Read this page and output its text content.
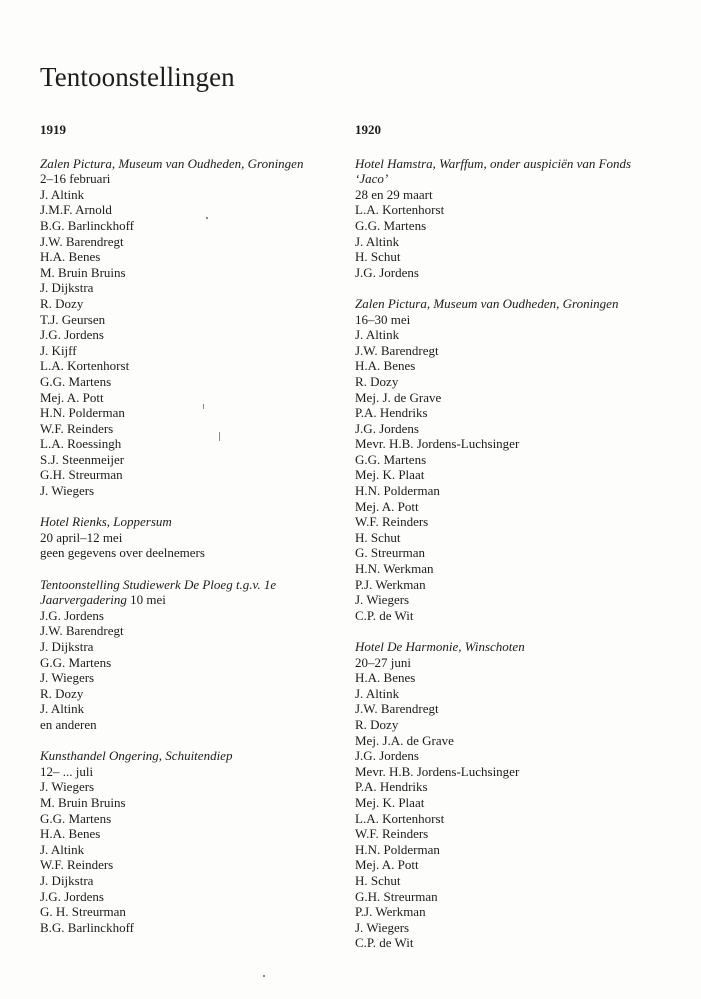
Tentoonstellingen
1919
Zalen Pictura, Museum van Oudheden, Groningen
2–16 februari
J. Altink
J.M.F. Arnold
B.G. Barlinckhoff
J.W. Barendregt
H.A. Benes
M. Bruin Bruins
J. Dijkstra
R. Dozy
T.J. Geursen
J.G. Jordens
J. Kijff
L.A. Kortenhorst
G.G. Martens
Mej. A. Pott
H.N. Polderman
W.F. Reinders
L.A. Roessingh
S.J. Steenmeijer
G.H. Streurman
J. Wiegers
Hotel Rienks, Loppersum
20 april–12 mei
geen gegevens over deelnemers
Tentoonstelling Studiewerk De Ploeg t.g.v. 1e Jaarvergadering 10 mei
J.G. Jordens
J.W. Barendregt
J. Dijkstra
G.G. Martens
J. Wiegers
R. Dozy
J. Altink
en anderen
Kunsthandel Ongering, Schuitendiep
12– ... juli
J. Wiegers
M. Bruin Bruins
G.G. Martens
H.A. Benes
J. Altink
W.F. Reinders
J. Dijkstra
J.G. Jordens
G. H. Streurman
B.G. Barlinckhoff
1920
Hotel Hamstra, Warffum, onder auspiciën van Fonds ‘Jaco’
28 en 29 maart
L.A. Kortenhorst
G.G. Martens
J. Altink
H. Schut
J.G. Jordens
Zalen Pictura, Museum van Oudheden, Groningen
16–30 mei
J. Altink
J.W. Barendregt
H.A. Benes
R. Dozy
Mej. J. de Grave
P.A. Hendriks
J.G. Jordens
Mevr. H.B. Jordens-Luchsinger
G.G. Martens
Mej. K. Plaat
H.N. Polderman
Mej. A. Pott
W.F. Reinders
H. Schut
G. Streurman
H.N. Werkman
P.J. Werkman
J. Wiegers
C.P. de Wit
Hotel De Harmonie, Winschoten
20–27 juni
H.A. Benes
J. Altink
J.W. Barendregt
R. Dozy
Mej. J.A. de Grave
J.G. Jordens
Mevr. H.B. Jordens-Luchsinger
P.A. Hendriks
Mej. K. Plaat
L.A. Kortenhorst
W.F. Reinders
H.N. Polderman
Mej. A. Pott
H. Schut
G.H. Streurman
P.J. Werkman
J. Wiegers
C.P. de Wit
